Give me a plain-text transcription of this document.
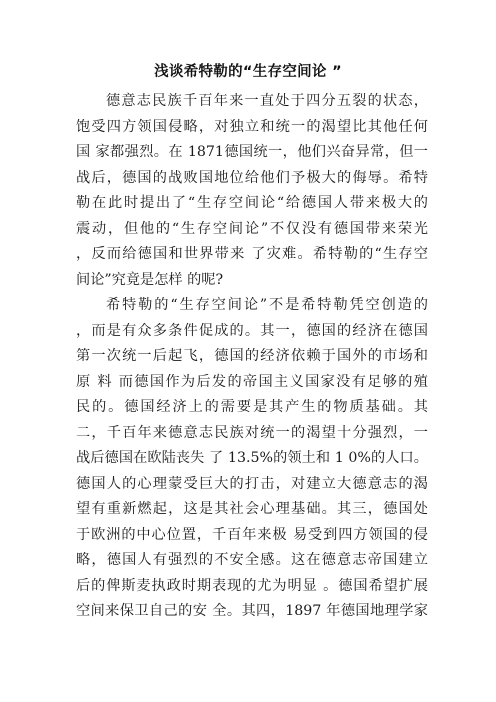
浅谈希特勒的“生存空间论 ”
德意志民族千百年来一直处于四分五裂的状态，
饱受四方领国侵略，对独立和统一的渴望比其他任何
国 家都强烈。在 1871德国统一，他们兴奋异常，但一
战后，德国的战败国地位给他们予极大的侮辱。希特
勒在此时提出了“生存空间论“给德国人带来极大的
震动，但他的“生存空间论”不仅没有德国带来荣光
，反而给德国和世界带来 了灾难。希特勒的“生存空
间论”究竟是怎样 的呢?
希特勒的“生存空间论”不是希特勒凭空创造的
，而是有众多条件促成的。其一，德国的经济在德国
第一次统一后起飞，德国的经济依赖于国外的市场和
原 料 而德国作为后发的帝国主义国家没有足够的殖
民的。德国经济上的需要是其产生的物质基础。其
二，千百年来德意志民族对统一的渴望十分强烈，一
战后德国在欧陆丧失 了 13.5%的领土和 1 0%的人口。
德国人的心理蒙受巨大的打击，对建立大德意志的渴
望有重新燃起，这是其社会心理基础。其三，德国处
于欧洲的中心位置，千百年来极 易受到四方领国的侵
略，德国人有强烈的不安全感。这在德意志帝国建立
后的俾斯麦执政时期表现的尤为明显 。德国希望扩展
空间来保卫自己的安 全。其四，1897 年德国地理学家
